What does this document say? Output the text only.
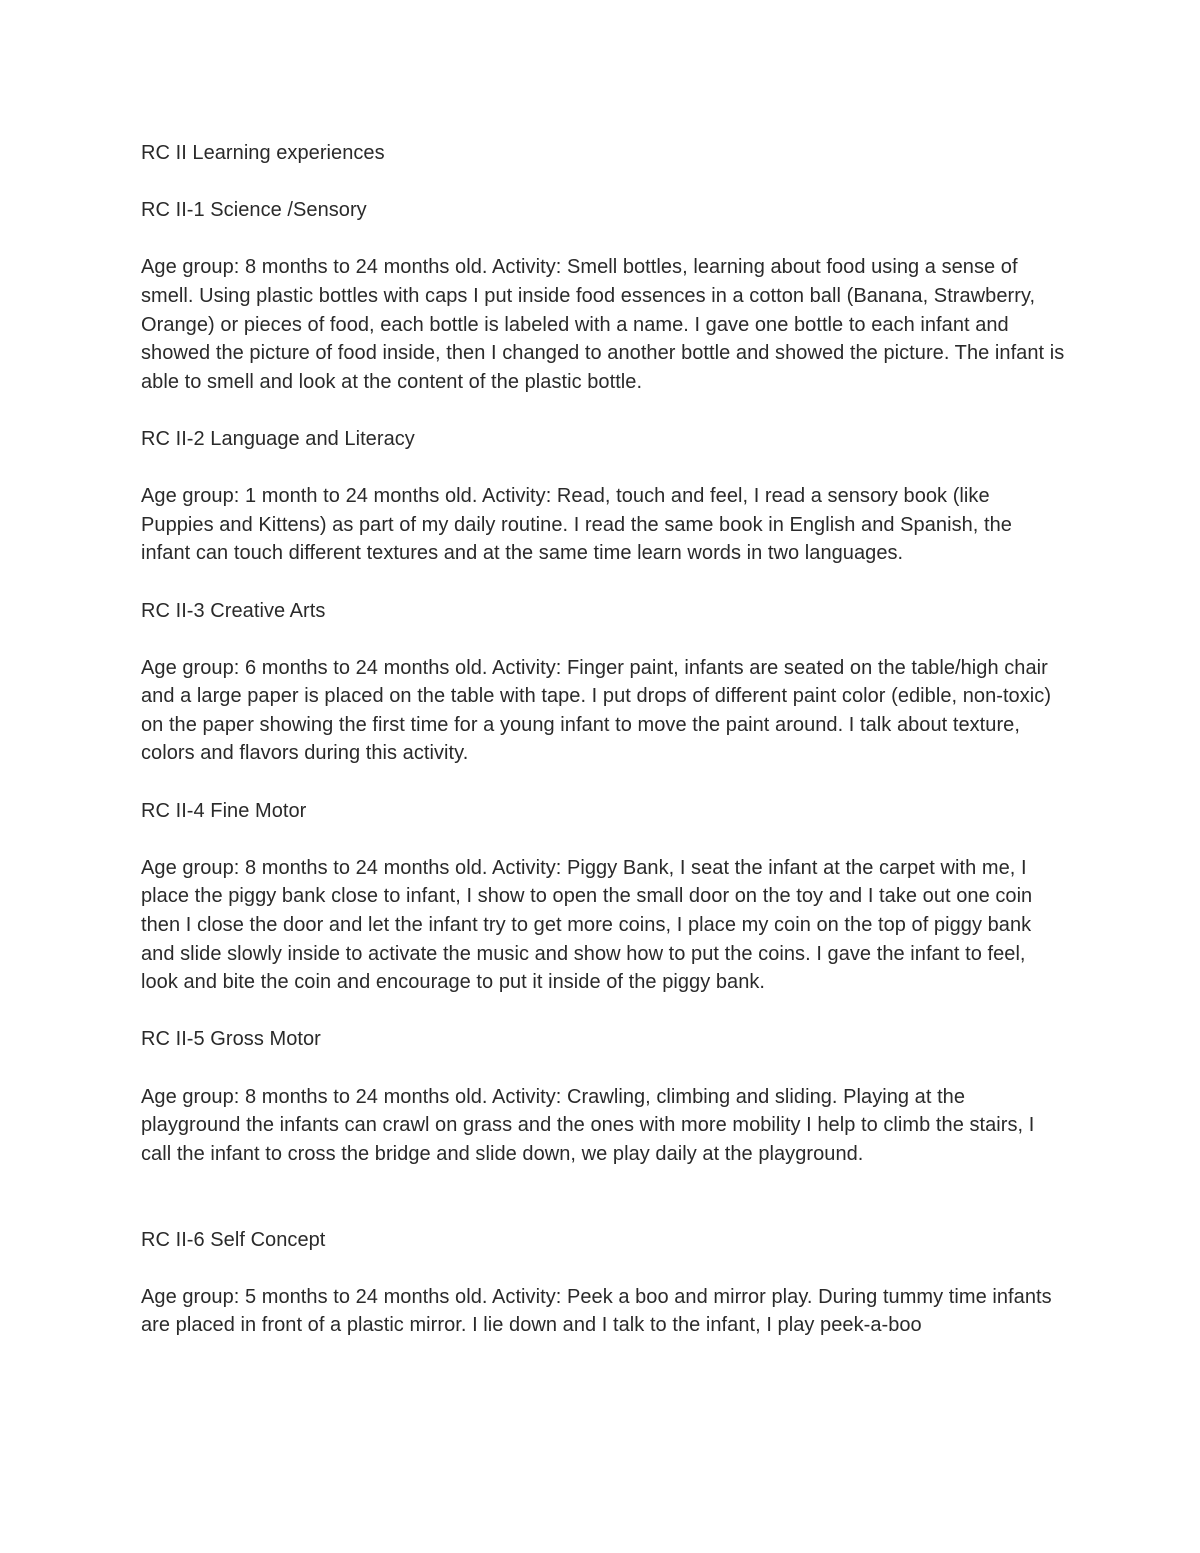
RC II Learning experiences

RC II-1 Science /Sensory

Age group: 8 months to 24 months old. Activity: Smell bottles, learning about food using a sense of smell. Using plastic bottles with caps I put inside food essences in a cotton ball (Banana, Strawberry, Orange) or pieces of food, each bottle is labeled with a name. I gave one bottle to each infant and showed the picture of food inside, then I changed to another bottle and showed the picture. The infant is able to smell and look at the content of the plastic bottle.

RC II-2 Language and Literacy

Age group: 1 month to 24 months old. Activity: Read, touch and feel, I read a sensory book (like Puppies and Kittens) as part of my daily routine. I read the same book in English and Spanish, the infant can touch different textures and at the same time learn words in two languages.

RC II-3 Creative Arts

Age group: 6 months to 24 months old. Activity: Finger paint, infants are seated on the table/high chair and a large paper is placed on the table with tape. I put drops of different paint color (edible, non-toxic) on the paper showing the first time for a young infant to move the paint around. I talk about texture, colors and flavors during this activity.

RC II-4 Fine Motor

Age group: 8 months to 24 months old. Activity: Piggy Bank, I seat the infant at the carpet with me, I place the piggy bank close to infant, I show to open the small door on the toy and I take out one coin then I close the door and let the infant try to get more coins, I place my coin on the top of piggy bank and slide slowly inside to activate the music and show how to put the coins. I gave the infant to feel, look and bite the coin and encourage to put it inside of the piggy bank.

RC II-5 Gross Motor

Age group: 8 months to 24 months old. Activity: Crawling, climbing and sliding. Playing at the playground the infants can crawl on grass and the ones with more mobility I help to climb the stairs, I call the infant to cross the bridge and slide down, we play daily at the playground.

RC II-6 Self Concept

Age group: 5 months to 24 months old. Activity: Peek a boo and mirror play. During tummy time infants are placed in front of a plastic mirror. I lie down and I talk to the infant, I play peek-a-boo
